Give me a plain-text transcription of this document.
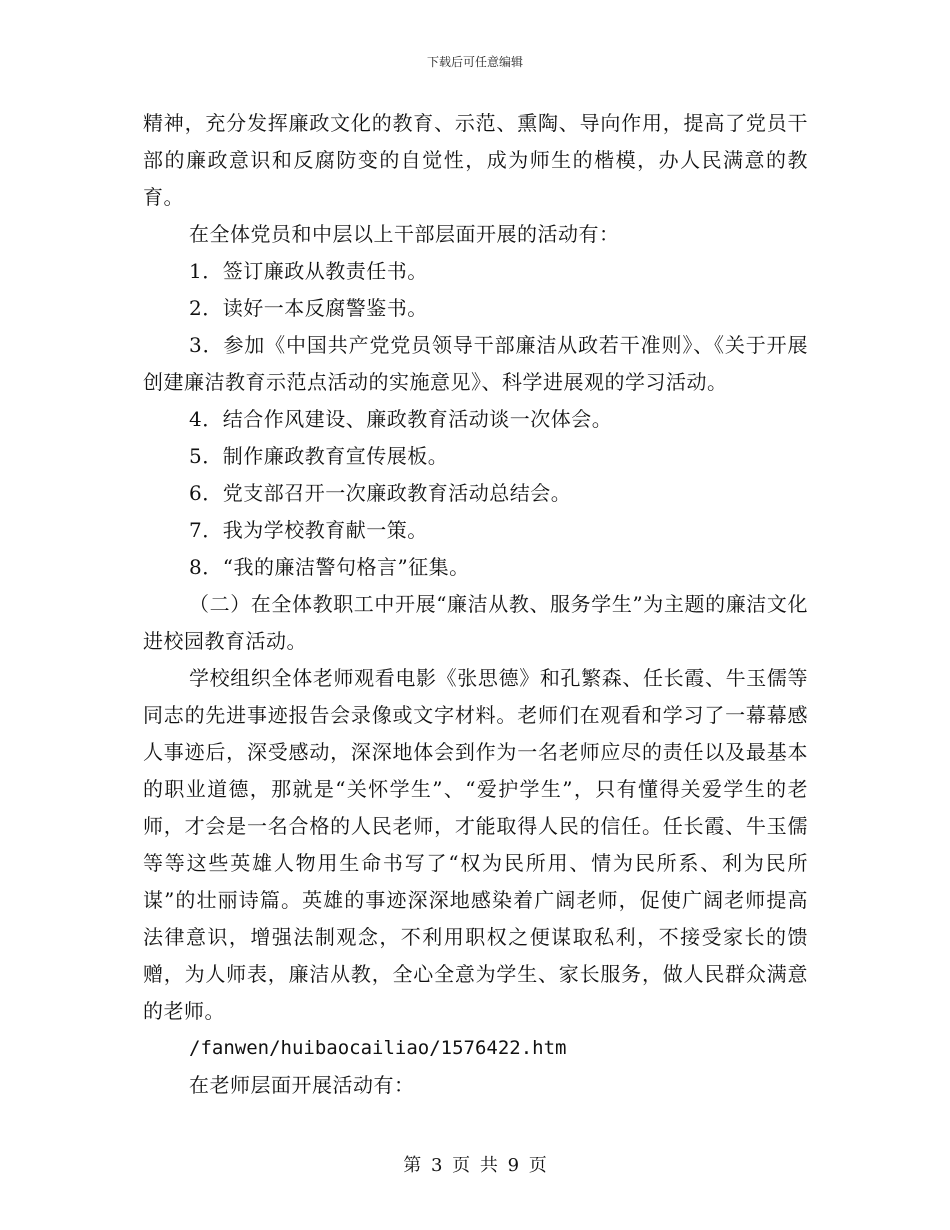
下载后可任意编辑

精神，充分发挥廉政文化的教育、示范、熏陶、导向作用，提高了党员干部的廉政意识和反腐防变的自觉性，成为师生的楷模，办人民满意的教育。

在全体党员和中层以上干部层面开展的活动有：

1．签订廉政从教责任书。

2．读好一本反腐警鉴书。

3．参加《中国共产党党员领导干部廉洁从政若干准则》、《关于开展创建廉洁教育示范点活动的实施意见》、科学进展观的学习活动。

4．结合作风建设、廉政教育活动谈一次体会。

5．制作廉政教育宣传展板。

6．党支部召开一次廉政教育活动总结会。

7．我为学校教育献一策。

8．“我的廉洁警句格言”征集。

（二）在全体教职工中开展“廉洁从教、服务学生”为主题的廉洁文化进校园教育活动。

学校组织全体老师观看电影《张思德》和孔繁森、任长霞、牛玉儒等同志的先进事迹报告会录像或文字材料。老师们在观看和学习了一幕幕感人事迹后，深受感动，深深地体会到作为一名老师应尽的责任以及最基本的职业道德，那就是“关怀学生”、“爱护学生”，只有懂得关爱学生的老师，才会是一名合格的人民老师，才能取得人民的信任。任长霞、牛玉儒等等这些英雄人物用生命书写了“权为民所用、情为民所系、利为民所谋”的壮丽诗篇。英雄的事迹深深地感染着广阔老师，促使广阔老师提高法律意识，增强法制观念，不利用职权之便谋取私利，不接受家长的馈赠，为人师表，廉洁从教，全心全意为学生、家长服务，做人民群众满意的老师。

/fanwen/huibaocailiao/1576422.htm

在老师层面开展活动有：

第 3 页 共 9 页
